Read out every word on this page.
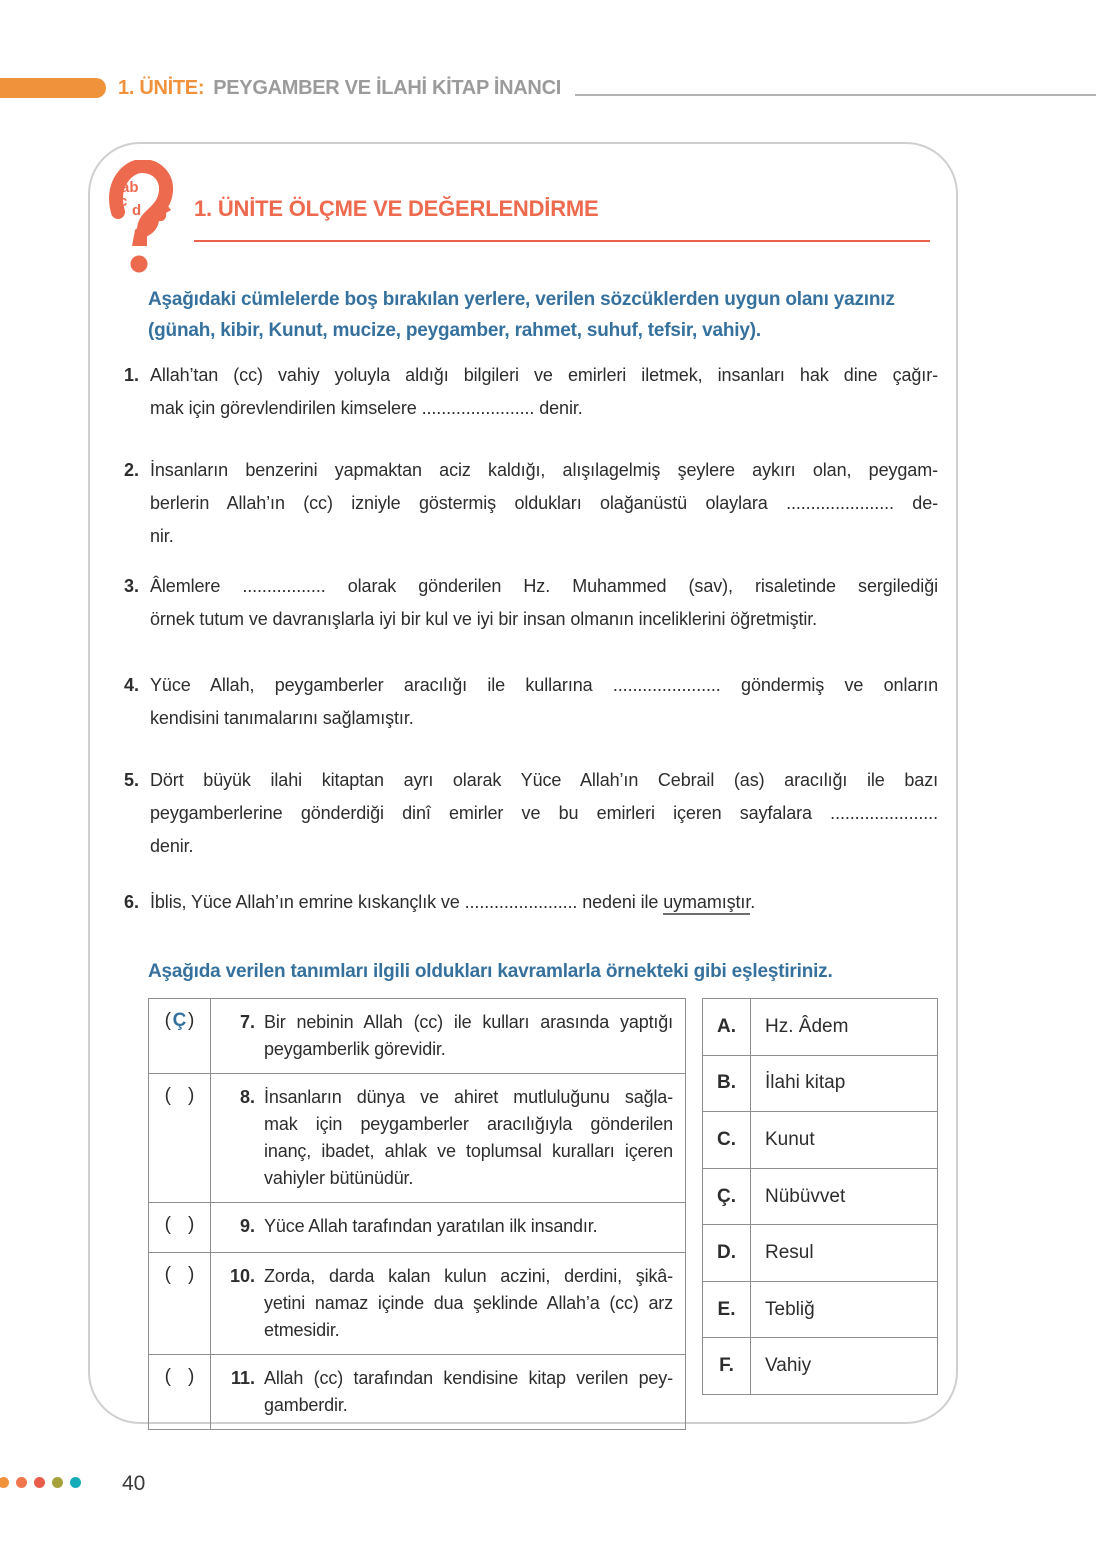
1. ÜNİTE: PEYGAMBER VE İLAHİ KİTAP İNANCI
ab
c
d 1. ÜNİTE ÖLÇME VE DEĞERLENDİRME
Aşağıdaki cümlelerde boş bırakılan yerlere, verilen sözcüklerden uygun olanı yazınız
(günah, kibir, Kunut, mucize, peygamber, rahmet, suhuf, tefsir, vahiy).
1. Allah’tan (cc) vahiy yoluyla aldığı bilgileri ve emirleri iletmek, insanları hak dine çağır-
mak için görevlendirilen kimselere ....................... denir.
2. İnsanların benzerini yapmaktan aciz kaldığı, alışılagelmiş şeylere aykırı olan, peygam-
berlerin Allah’ın (cc) izniyle göstermiş oldukları olağanüstü olaylara ...................... de-
nir.
3. Âlemlere ................. olarak gönderilen Hz. Muhammed (sav), risaletinde sergilediği
örnek tutum ve davranışlarla iyi bir kul ve iyi bir insan olmanın inceliklerini öğretmiştir.
4. Yüce Allah, peygamberler aracılığı ile kullarına ...................... göndermiş ve onların
kendisini tanımalarını sağlamıştır.
5. Dört büyük ilahi kitaptan ayrı olarak Yüce Allah’ın Cebrail (as) aracılığı ile bazı
peygamberlerine gönderdiği dinî emirler ve bu emirleri içeren sayfalara ......................
denir.
6. İblis, Yüce Allah’ın emrine kıskançlık ve ....................... nedeni ile uymamıştır.
Aşağıda verilen tanımları ilgili oldukları kavramlarla örnekteki gibi eşleştiriniz.
( Ç )	7. Bir nebinin Allah (cc) ile kulları arasında yaptığı
peygamberlik görevidir.
( )	8. İnsanların dünya ve ahiret mutluluğunu sağla-
mak için peygamberler aracılığıyla gönderilen
inanç, ibadet, ahlak ve toplumsal kuralları içeren
vahiyler bütünüdür.
( )	9. Yüce Allah tarafından yaratılan ilk insandır.
( )	10. Zorda, darda kalan kulun aczini, derdini, şikâ-
yetini namaz içinde dua şeklinde Allah’a (cc) arz
etmesidir.
( )	11. Allah (cc) tarafından kendisine kitap verilen pey-
gamberdir.
A.	Hz. Âdem
B.	İlahi kitap
C.	Kunut
Ç.	Nübüvvet
D.	Resul
E.	Tebliğ
F.	Vahiy
40
